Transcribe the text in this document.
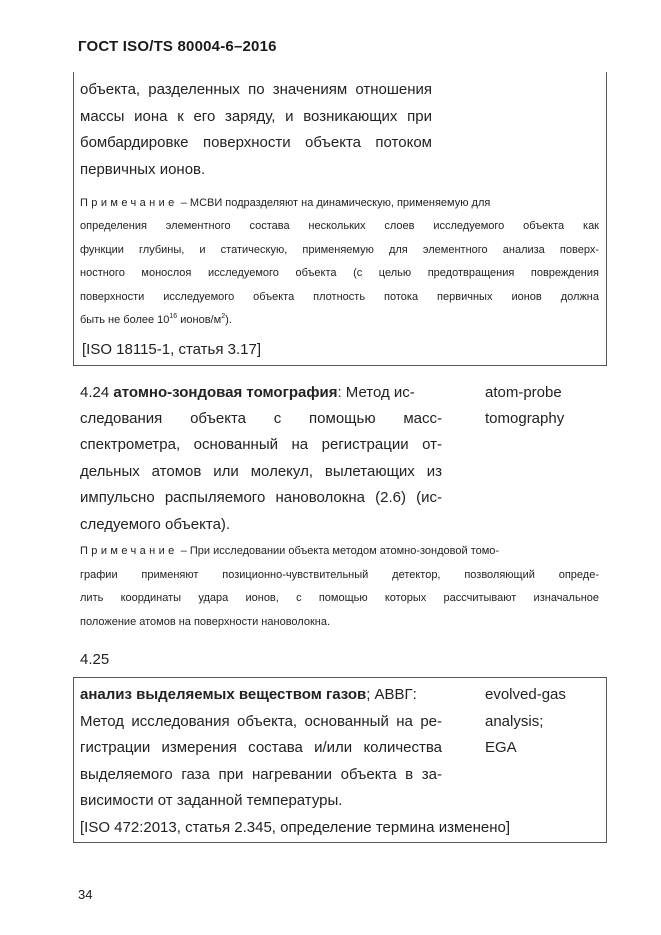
ГОСТ ISO/TS 80004-6–2016
объекта, разделенных по значениям отношения
массы иона к его заряду, и возникающих при
бомбардировке поверхности объекта потоком
первичных ионов.
Примечание – МСВИ подразделяют на динамическую, применяемую для
определения элементного состава нескольких слоев исследуемого объекта как
функции глубины, и статическую, применяемую для элементного анализа поверх-
ностного монослоя исследуемого объекта (с целью предотвращения повреждения
поверхности исследуемого объекта плотность потока первичных ионов должна
быть не более $10^{16}$ ионов/$м^2$).
[ISO 18115-1, статья 3.17]
4.24 атомно-зондовая томография: Метод ис-
следования объекта с помощью масс-
спектрометра, основанный на регистрации от-
дельных атомов или молекул, вылетающих из
импульсно распыляемого нановолокна (2.6) (ис-
следуемого объекта).
atom-probe
tomography
Примечание – При исследовании объекта методом атомно-зондовой томо-
графии применяют позиционно-чувствительный детектор, позволяющий опреде-
лить координаты удара ионов, с помощью которых рассчитывают изначальное
положение атомов на поверхности нановолокна.
4.25
анализ выделяемых веществом газов; АВВГ:
Метод исследования объекта, основанный на ре-
гистрации измерения состава и/или количества
выделяемого газа при нагревании объекта в за-
висимости от заданной температуры.
evolved-gas
analysis;
EGA
[ISO 472:2013, статья 2.345, определение термина изменено]
34
